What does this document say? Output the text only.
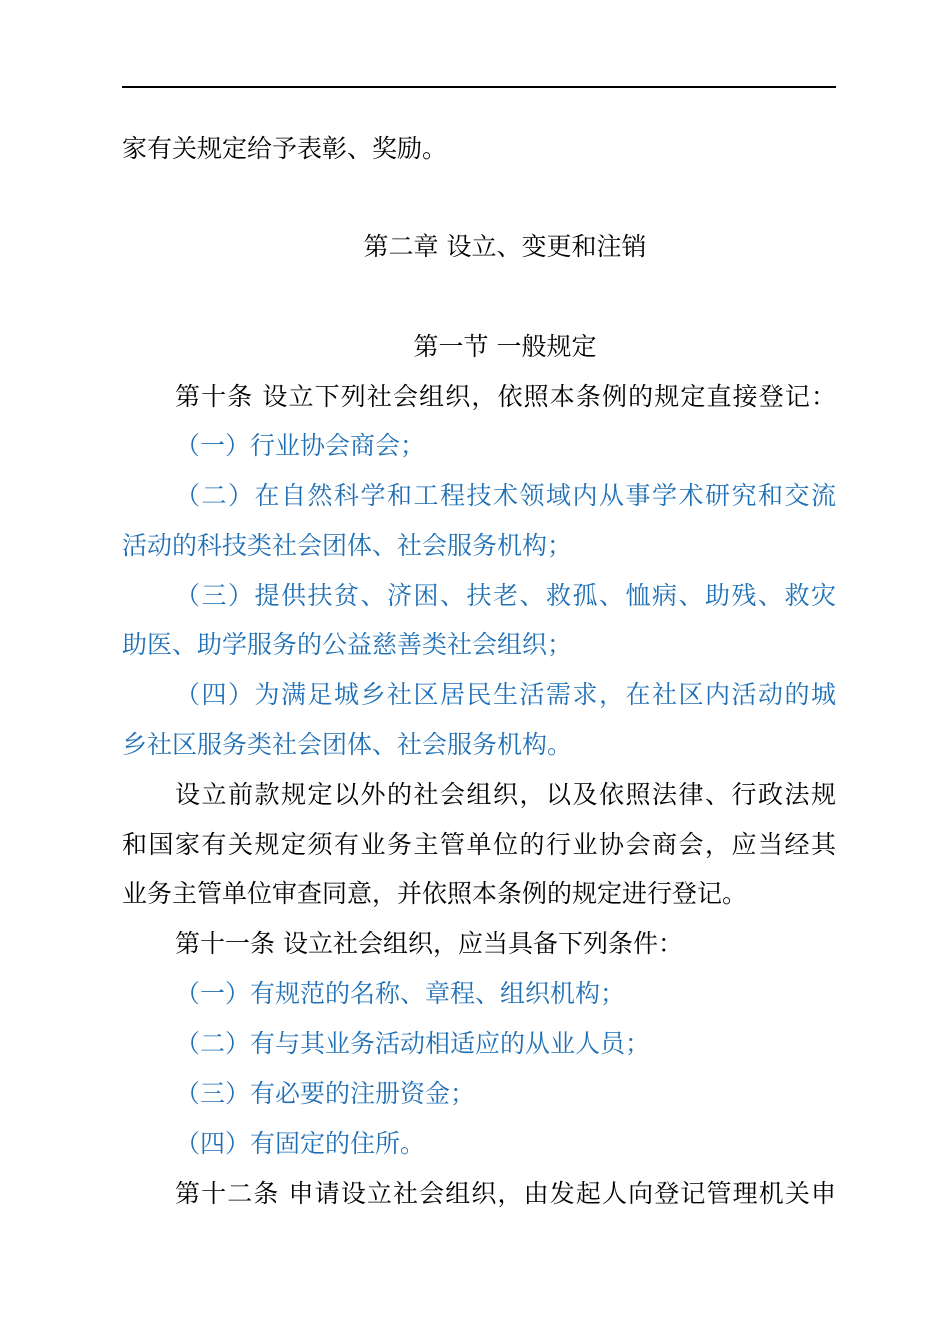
家有关规定给予表彰、奖励。
第二章 设立、变更和注销
第一节 一般规定
第十条 设立下列社会组织，依照本条例的规定直接登记：
（一）行业协会商会；
（二）在自然科学和工程技术领域内从事学术研究和交流
活动的科技类社会团体、社会服务机构；
（三）提供扶贫、济困、扶老、救孤、恤病、助残、救灾
助医、助学服务的公益慈善类社会组织；
（四）为满足城乡社区居民生活需求，在社区内活动的城
乡社区服务类社会团体、社会服务机构。
设立前款规定以外的社会组织，以及依照法律、行政法规
和国家有关规定须有业务主管单位的行业协会商会，应当经其
业务主管单位审查同意，并依照本条例的规定进行登记。
第十一条 设立社会组织，应当具备下列条件：
（一）有规范的名称、章程、组织机构；
（二）有与其业务活动相适应的从业人员；
（三）有必要的注册资金；
（四）有固定的住所。
第十二条 申请设立社会组织，由发起人向登记管理机关申
